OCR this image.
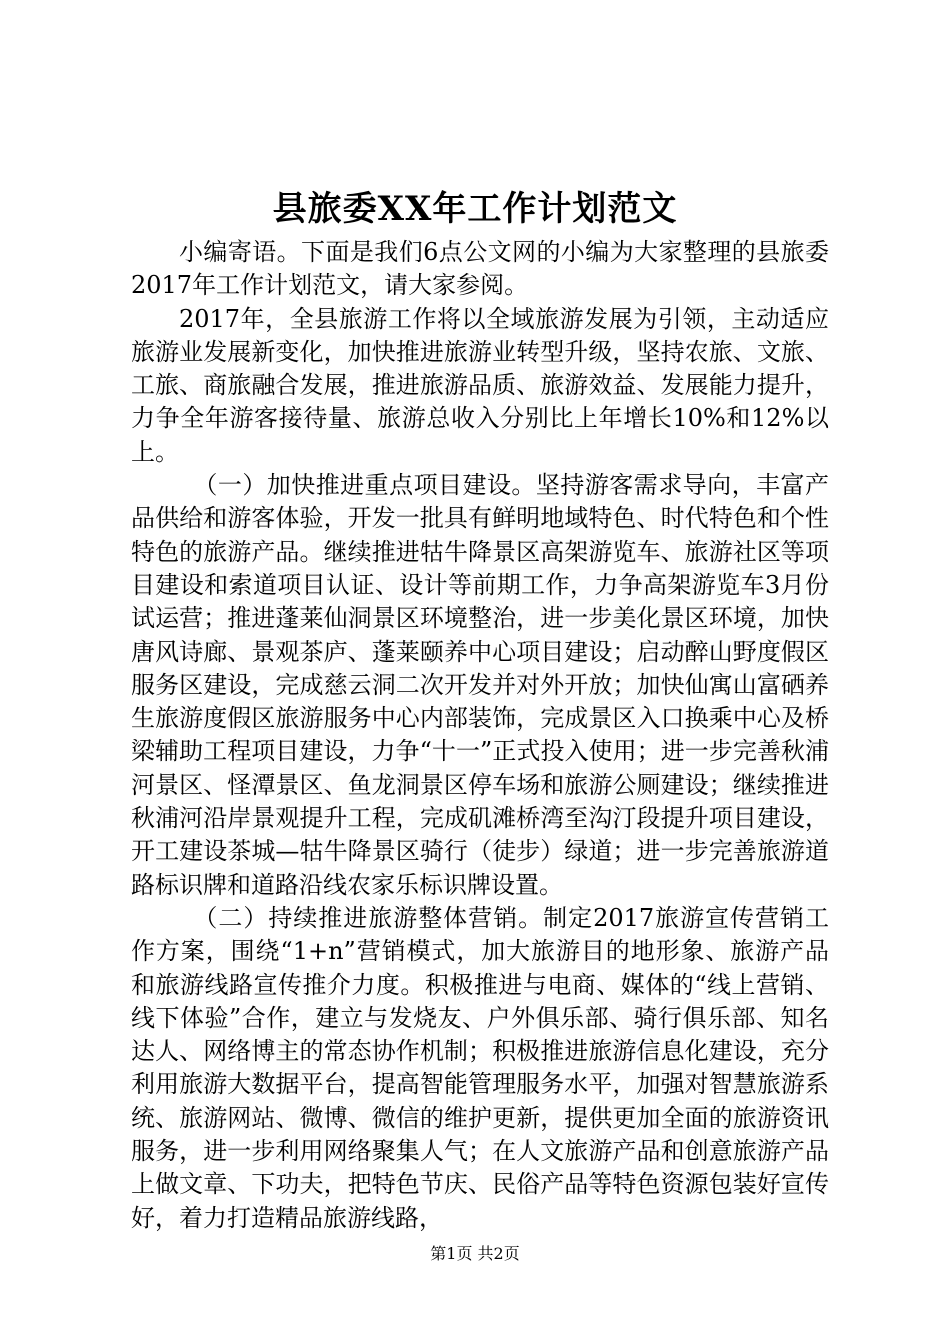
县旅委XX年工作计划范文

小编寄语。下面是我们6点公文网的小编为大家整理的县旅委2017年工作计划范文，请大家参阅。

2017年，全县旅游工作将以全域旅游发展为引领，主动适应旅游业发展新变化，加快推进旅游业转型升级，坚持农旅、文旅、工旅、商旅融合发展，推进旅游品质、旅游效益、发展能力提升，力争全年游客接待量、旅游总收入分别比上年增长10%和12%以上。

（一）加快推进重点项目建设。坚持游客需求导向，丰富产品供给和游客体验，开发一批具有鲜明地域特色、时代特色和个性特色的旅游产品。继续推进牯牛降景区高架游览车、旅游社区等项目建设和索道项目认证、设计等前期工作，力争高架游览车3月份试运营；推进蓬莱仙洞景区环境整治，进一步美化景区环境，加快唐风诗廊、景观茶庐、蓬莱颐养中心项目建设；启动醉山野度假区服务区建设，完成慈云洞二次开发并对外开放；加快仙寓山富硒养生旅游度假区旅游服务中心内部装饰，完成景区入口换乘中心及桥梁辅助工程项目建设，力争“十一”正式投入使用；进一步完善秋浦河景区、怪潭景区、鱼龙洞景区停车场和旅游公厕建设；继续推进秋浦河沿岸景观提升工程，完成矶滩桥湾至沟汀段提升项目建设，开工建设茶城—牯牛降景区骑行（徒步）绿道；进一步完善旅游道路标识牌和道路沿线农家乐标识牌设置。

（二）持续推进旅游整体营销。制定2017旅游宣传营销工作方案，围绕“1+n”营销模式，加大旅游目的地形象、旅游产品和旅游线路宣传推介力度。积极推进与电商、媒体的“线上营销、线下体验”合作，建立与发烧友、户外俱乐部、骑行俱乐部、知名达人、网络博主的常态协作机制；积极推进旅游信息化建设，充分利用旅游大数据平台，提高智能管理服务水平，加强对智慧旅游系统、旅游网站、微博、微信的维护更新，提供更加全面的旅游资讯服务，进一步利用网络聚集人气；在人文旅游产品和创意旅游产品上做文章、下功夫，把特色节庆、民俗产品等特色资源包装好宣传好，着力打造精品旅游线路，

第1页 共2页
